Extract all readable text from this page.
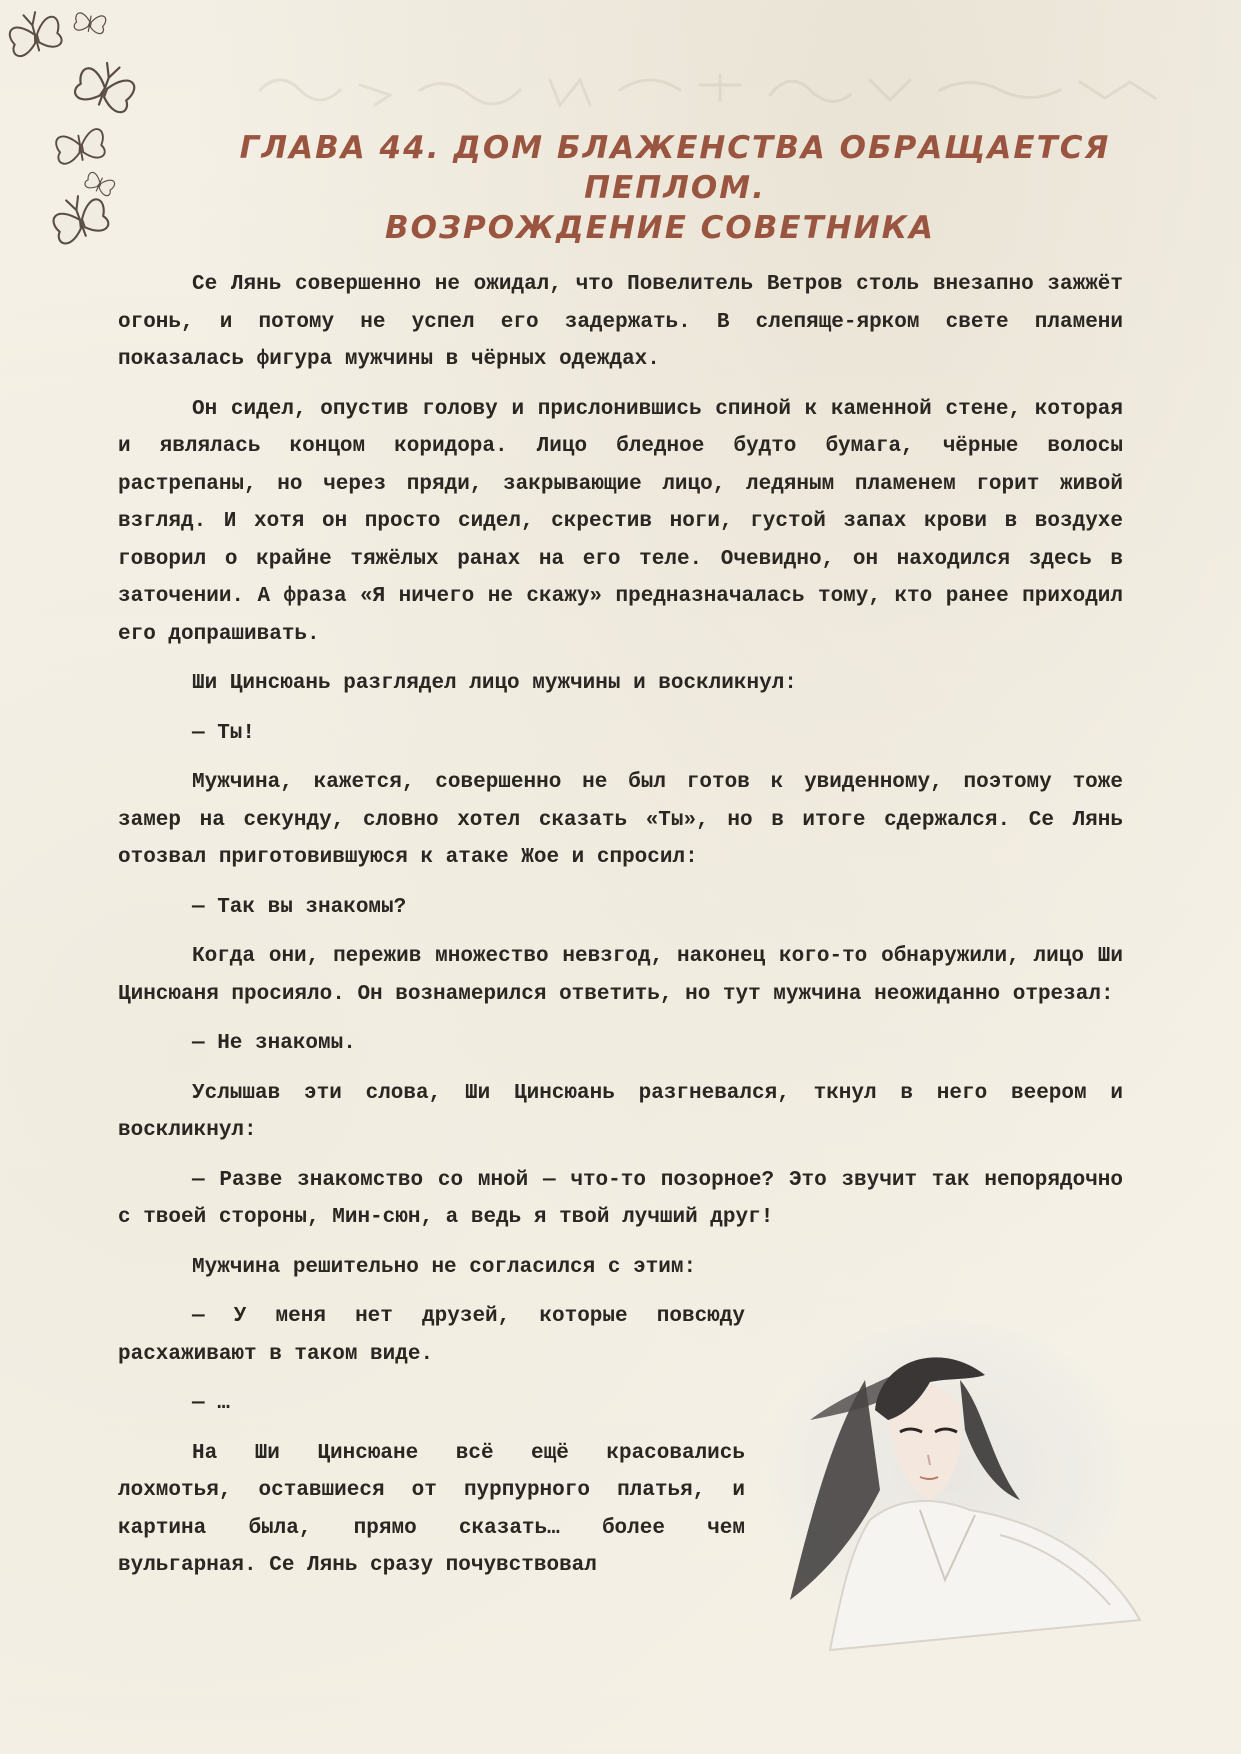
ГЛАВА 44. ДОМ БЛАЖЕНСТВА ОБРАЩАЕТСЯ ПЕПЛОМ.
ВОЗРОЖДЕНИЕ СОВЕТНИКА

Се Лянь совершенно не ожидал, что Повелитель Ветров столь внезапно зажжёт огонь, и потому не успел его задержать. В слепяще-ярком свете пламени показалась фигура мужчины в чёрных одеждах.

Он сидел, опустив голову и прислонившись спиной к каменной стене, которая и являлась концом коридора. Лицо бледное будто бумага, чёрные волосы растрепаны, но через пряди, закрывающие лицо, ледяным пламенем горит живой взгляд. И хотя он просто сидел, скрестив ноги, густой запах крови в воздухе говорил о крайне тяжёлых ранах на его теле. Очевидно, он находился здесь в заточении. А фраза «Я ничего не скажу» предназначалась тому, кто ранее приходил его допрашивать.

Ши Цинсюань разглядел лицо мужчины и воскликнул:

— Ты!

Мужчина, кажется, совершенно не был готов к увиденному, поэтому тоже замер на секунду, словно хотел сказать «Ты», но в итоге сдержался. Се Лянь отозвал приготовившуюся к атаке Жое и спросил:

— Так вы знакомы?

Когда они, пережив множество невзгод, наконец кого-то обнаружили, лицо Ши Цинсюаня просияло. Он вознамерился ответить, но тут мужчина неожиданно отрезал:

— Не знакомы.

Услышав эти слова, Ши Цинсюань разгневался, ткнул в него веером и воскликнул:

— Разве знакомство со мной — что-то позорное? Это звучит так непорядочно с твоей стороны, Мин-сюн, а ведь я твой лучший друг!

Мужчина решительно не согласился с этим:

— У меня нет друзей, которые повсюду расхаживают в таком виде.

— …

На Ши Цинсюане всё ещё красовались лохмотья, оставшиеся от пурпурного платья, и картина была, прямо сказать… более чем вульгарная. Се Лянь сразу почувствовал
